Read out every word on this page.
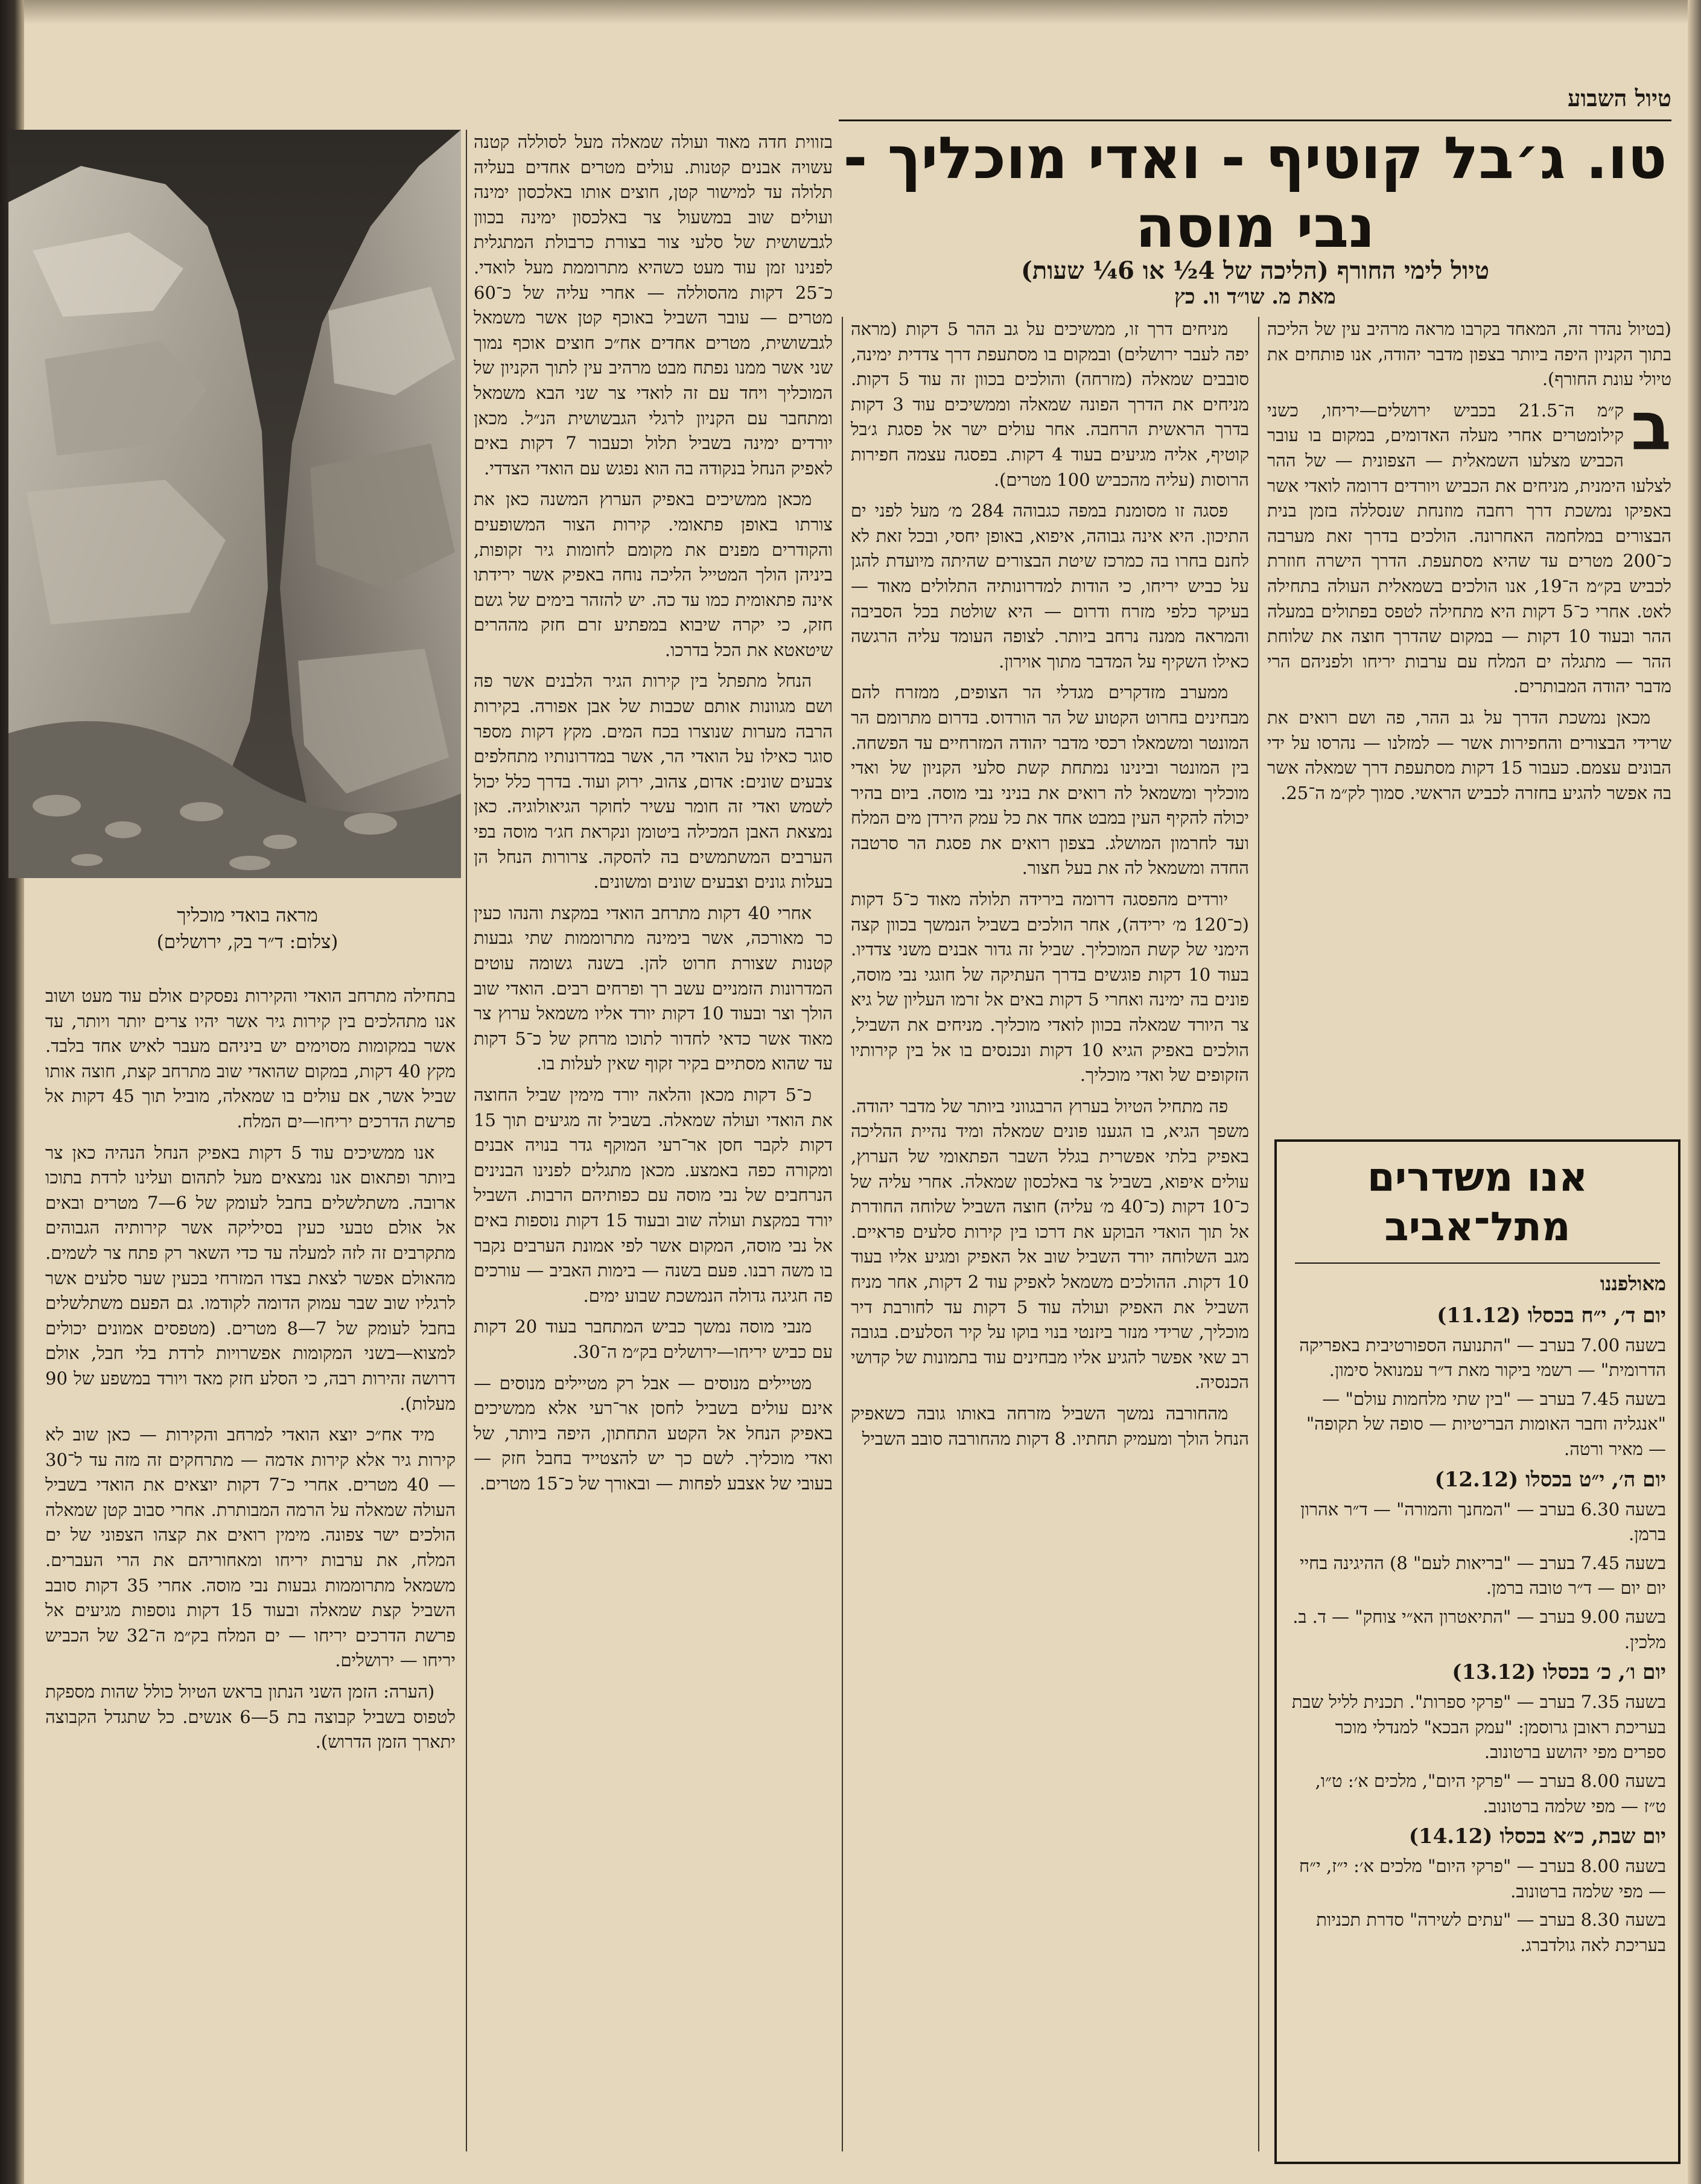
טיול השבוע
טו. ג׳בל קוטיף - ואדי מוכליך -
נבי מוסה
טיול לימי החורף (הליכה של 4½ או 6¼ שעות)
מאת מ. שו״ד וו. כץ

(בטיול נהדר זה, המאחד בקרבו מראה מרהיב עין של הליכה בתוך הקניון היפה ביותר בצפון מדבר יהודה, אנו פותחים את טיולי עונת החורף).

ב
ק״מ ה־21.5 בכביש ירושלים—יריחו, כשני קילומטרים אחרי מעלה האדומים, במקום בו עובר הכביש מצלעו השמאלית — הצפונית — של ההר לצלעו הימנית, מניחים את הכביש ויורדים דרומה לואדי אשר באפיקו נמשכת דרך רחבה מוזנחת שנסללה בזמן בנית הבצורים במלחמה האחרונה. הולכים בדרך זאת מערבה כ־200 מטרים עד שהיא מסתעפת. הדרך הישרה חוזרת לכביש בק״מ ה־19, אנו הולכים בשמאלית העולה בתחילה לאט. אחרי כ־5 דקות היא מתחילה לטפס בפתולים במעלה ההר ובעוד 10 דקות — במקום שהדרך חוצה את שלוחת ההר — מתגלה ים המלח עם ערבות יריחו ולפניהם הרי מדבר יהודה המבותרים.

מכאן נמשכת הדרך על גב ההר, פה ושם רואים את שרידי הבצורים והחפירות אשר — למזלנו — נהרסו על ידי הבונים עצמם. כעבור 15 דקות מסתעפת דרך שמאלה אשר בה אפשר להגיע בחזרה לכביש הראשי. סמוך לק״מ ה־25.

מניחים דרך זו, ממשיכים על גב ההר 5 דקות (מראה יפה לעבר ירושלים) ובמקום בו מסתעפת דרך צדדית ימינה, סובבים שמאלה (מזרחה) והולכים בכוון זה עוד 5 דקות. מניחים את הדרך הפונה שמאלה וממשיכים עוד 3 דקות בדרך הראשית הרחבה. אחר עולים ישר אל פסגת ג׳בל קוטיף, אליה מגיעים בעוד 4 דקות. בפסגה עצמה חפירות הרוסות (עליה מהכביש 100 מטרים).

פסגה זו מסומנת במפה כגבוהה 284 מ׳ מעל לפני ים התיכון. היא אינה גבוהה, איפוא, באופן יחסי, ובכל זאת לא לחנם בחרו בה כמרכז שיטת הבצורים שהיתה מיועדת להגן על כביש יריחו, כי הודות למדרונותיה התלולים מאוד — בעיקר כלפי מזרח ודרום — היא שולטת בכל הסביבה והמראה ממנה נרחב ביותר. לצופה העומד עליה הרגשה כאילו השקיף על המדבר מתוך אוירון.

ממערב מזדקרים מגדלי הר הצופים, ממזרח להם מבחינים בחרוט הקטוע של הר הורדוס. בדרום מתרומם הר המונטר ומשמאלו רכסי מדבר יהודה המזרחיים עד הפשחה. בין המונטר ובינינו נמתחת קשת סלעי הקניון של ואדי מוכליך ומשמאל לה רואים את בניני נבי מוסה. ביום בהיר יכולה להקיף העין במבט אחד את כל עמק הירדן מים המלח ועד לחרמון המושלג. בצפון רואים את פסגת הר סרטבה החדה ומשמאל לה את בעל חצור.

יורדים מהפסגה דרומה בירידה תלולה מאוד כ־5 דקות (כ־120 מ׳ ירידה), אחר הולכים בשביל הנמשך בכוון קצה הימני של קשת המוכליך. שביל זה גדור אבנים משני צדדיו. בעוד 10 דקות פוגשים בדרך העתיקה של חוגגי נבי מוסה, פונים בה ימינה ואחרי 5 דקות באים אל זרמו העליון של גיא צר היורד שמאלה בכוון לואדי מוכליך. מניחים את השביל, הולכים באפיק הגיא 10 דקות ונכנסים בו אל בין קירותיו הזקופים של ואדי מוכליך.

פה מתחיל הטיול בערוץ הרבגווני ביותר של מדבר יהודה. משפך הגיא, בו הגענו פונים שמאלה ומיד נהיית ההליכה באפיק בלתי אפשרית בגלל השבר הפתאומי של הערוץ, עולים איפוא, בשביל צר באלכסון שמאלה. אחרי עליה של כ־10 דקות (כ־40 מ׳ עליה) חוצה השביל שלוחה החודרת אל תוך הואדי הבוקע את דרכו בין קירות סלעים פראיים. מגב השלוחה יורד השביל שוב אל האפיק ומגיע אליו בעוד 10 דקות. ההולכים משמאל לאפיק עוד 2 דקות, אחר מניח השביל את האפיק ועולה עוד 5 דקות עד לחורבת דיר מוכליך, שרידי מנזר ביזנטי בנוי בוקו על קיר הסלעים. בגובה רב שאי אפשר להגיע אליו מבחינים עוד בתמונות של קדושי הכנסיה.

מהחורבה נמשך השביל מזרחה באותו גובה כשאפיק הנחל הולך ומעמיק תחתיו. 8 דקות מהחורבה סובב השביל

בזווית חדה מאוד ועולה שמאלה מעל לסוללה קטנה עשויה אבנים קטנות. עולים מטרים אחדים בעליה תלולה עד למישור קטן, חוצים אותו באלכסון ימינה ועולים שוב במשעול צר באלכסון ימינה בכוון לגבשושית של סלעי צור בצורת כרבולת המתגלית לפנינו זמן עוד מעט כשהיא מתרוממת מעל לואדי. כ־25 דקות מהסוללה — אחרי עליה של כ־60 מטרים — עובר השביל באוכף קטן אשר משמאל לגבשושית, מטרים אחדים אח״כ חוצים אוכף נמוך שני אשר ממנו נפתח מבט מרהיב עין לתוך הקניון של המוכליך ויחד עם זה לואדי צר שני הבא משמאל ומתחבר עם הקניון לרגלי הגבשושית הנ״ל. מכאן יורדים ימינה בשביל תלול וכעבור 7 דקות באים לאפיק הנחל בנקודה בה הוא נפגש עם הואדי הצדדי.

מכאן ממשיכים באפיק הערוץ המשנה כאן את צורתו באופן פתאומי. קירות הצור המשופעים והקודרים מפנים את מקומם לחומות גיר זקופות, ביניהן הולך המטייל הליכה נוחה באפיק אשר ירידתו אינה פתאומית כמו עד כה. יש להזהר בימים של גשם חזק, כי יקרה שיבוא במפתיע זרם חזק מההרים שיטאטא את הכל בדרכו.

הנחל מתפתל בין קירות הגיר הלבנים אשר פה ושם מגוונות אותם שכבות של אבן אפורה. בקירות הרבה מערות שנוצרו בכח המים. מקץ דקות מספר סוגר כאילו על הואדי הר, אשר במדרונותיו מתחלפים צבעים שונים: אדום, צהוב, ירוק ועוד. בדרך כלל יכול לשמש ואדי זה חומר עשיר לחוקר הגיאולוגיה. כאן נמצאת האבן המכילה ביטומן ונקראת חג׳ר מוסה בפי הערבים המשתמשים בה להסקה. צרורות הנחל הן בעלות גונים וצבעים שונים ומשונים.

אחרי 40 דקות מתרחב הואדי במקצת והנהו כעין כר מאורכה, אשר בימינה מתרוממות שתי גבעות קטנות שצורת חרוט להן. בשנה גשומה עוטים המדרונות הזמניים עשב רך ופרחים רבים. הואדי שוב הולך וצר ובעוד 10 דקות יורד אליו משמאל ערוץ צר מאוד אשר כדאי לחדור לתוכו מרחק של כ־5 דקות עד שהוא מסתיים בקיר זקוף שאין לעלות בו.

כ־5 דקות מכאן והלאה יורד מימין שביל החוצה את הואדי ועולה שמאלה. בשביל זה מגיעים תוך 15 דקות לקבר חסן אר־רעי המוקף גדר בנויה אבנים ומקורה כפה באמצע. מכאן מתגלים לפנינו הבנינים הנרחבים של נבי מוסה עם כפותיהם הרבות. השביל יורד במקצת ועולה שוב ובעוד 15 דקות נוספות באים אל נבי מוסה, המקום אשר לפי אמונת הערבים נקבר בו משה רבנו. פעם בשנה — בימות האביב — עורכים פה חגיגה גדולה הנמשכת שבוע ימים.

מנבי מוסה נמשך כביש המתחבר בעוד 20 דקות עם כביש יריחו—ירושלים בק״מ ה־30.

מטיילים מנוסים — אבל רק מטיילים מנוסים — אינם עולים בשביל לחסן אר־רעי אלא ממשיכים באפיק הנחל אל הקטע התחתון, היפה ביותר, של ואדי מוכליך. לשם כך יש להצטייד בחבל חזק — בעובי של אצבע לפחות — ובאורך של כ־15 מטרים.

מראה בואדי מוכליך
(צלום: ד״ר בק, ירושלים)

בתחילה מתרחב הואדי והקירות נפסקים אולם עוד מעט ושוב אנו מתהלכים בין קירות גיר אשר יהיו צרים יותר ויותר, עד אשר במקומות מסוימים יש ביניהם מעבר לאיש אחד בלבד. מקץ 40 דקות, במקום שהואדי שוב מתרחב קצת, חוצה אותו שביל אשר, אם עולים בו שמאלה, מוביל תוך 45 דקות אל פרשת הדרכים יריחו—ים המלח.

אנו ממשיכים עוד 5 דקות באפיק הנחל הנהיה כאן צר ביותר ופתאום אנו נמצאים מעל לתהום ועלינו לרדת בתוכו ארובה. משתלשלים בחבל לעומק של 6—7 מטרים ובאים אל אולם טבעי כעין בסיליקה אשר קירותיה הגבוהים מתקרבים זה לזה למעלה עד כדי השאר רק פתח צר לשמים. מהאולם אפשר לצאת בצדו המזרחי בכעין שער סלעים אשר לרגליו שוב שבר עמוק הדומה לקודמו. גם הפעם משתלשלים בחבל לעומק של 7—8 מטרים. (מטפסים אמונים יכולים למצוא—בשני המקומות אפשרויות לרדת בלי חבל, אולם דרושה זהירות רבה, כי הסלע חזק מאד ויורד במשפע של 90 מעלות).

מיד אח״כ יוצא הואדי למרחב והקירות — כאן שוב לא קירות גיר אלא קירות אדמה — מתרחקים זה מזה עד ל־30 — 40 מטרים. אחרי כ־7 דקות יוצאים את הואדי בשביל העולה שמאלה על הרמה המבותרת. אחרי סבוב קטן שמאלה הולכים ישר צפונה. מימין רואים את קצהו הצפוני של ים המלח, את ערבות יריחו ומאחוריהם את הרי העברים. משמאל מתרוממות גבעות נבי מוסה. אחרי 35 דקות סובב השביל קצת שמאלה ובעוד 15 דקות נוספות מגיעים אל פרשת הדרכים יריחו — ים המלח בק״מ ה־32 של הכביש יריחו — ירושלים.

(הערה: הזמן השני הנתון בראש הטיול כולל שהות מספקת לטפוס בשביל קבוצה בת 5—6 אנשים. כל שתגדל הקבוצה יתארך הזמן הדרוש).

אנו משדרים
מתל־אביב

מאולפננו

יום ד׳, י״ח בכסלו (11.12)

בשעה 7.00 בערב — "התנועה הספורטיבית באפריקה הדרומית" — רשמי ביקור מאת ד״ר עמנואל סימון.

בשעה 7.45 בערב — "בין שתי מלחמות עולם" — "אנגליה וחבר האומות הבריטיות — סופה של תקופה" — מאיר ורטה.

יום ה׳, י״ט בכסלו (12.12)

בשעה 6.30 בערב — "המחנך והמורה" — ד״ר אהרון ברמן.

בשעה 7.45 בערב — "בריאות לעם" 8) ההיגינה בחיי יום יום — ד״ר טובה ברמן.

בשעה 9.00 בערב — "התיאטרון הא״י צוחק" — ד. ב. מלכין.

יום ו׳, כ׳ בכסלו (13.12)

בשעה 7.35 בערב — "פרקי ספרות". תכנית לליל שבת בעריכת ראובן גרוסמן: "עמק הבכא" למנדלי מוכר ספרים מפי יהושע ברטונוב.

בשעה 8.00 בערב — "פרקי היום", מלכים א׳: ט״ו, ט״ז — מפי שלמה ברטונוב.

יום שבת, כ״א בכסלו (14.12)

בשעה 8.00 בערב — "פרקי היום" מלכים א׳: י״ז, י״ח — מפי שלמה ברטונוב.

בשעה 8.30 בערב — "עתים לשירה" סדרת תכניות בעריכת לאה גולדברג.
